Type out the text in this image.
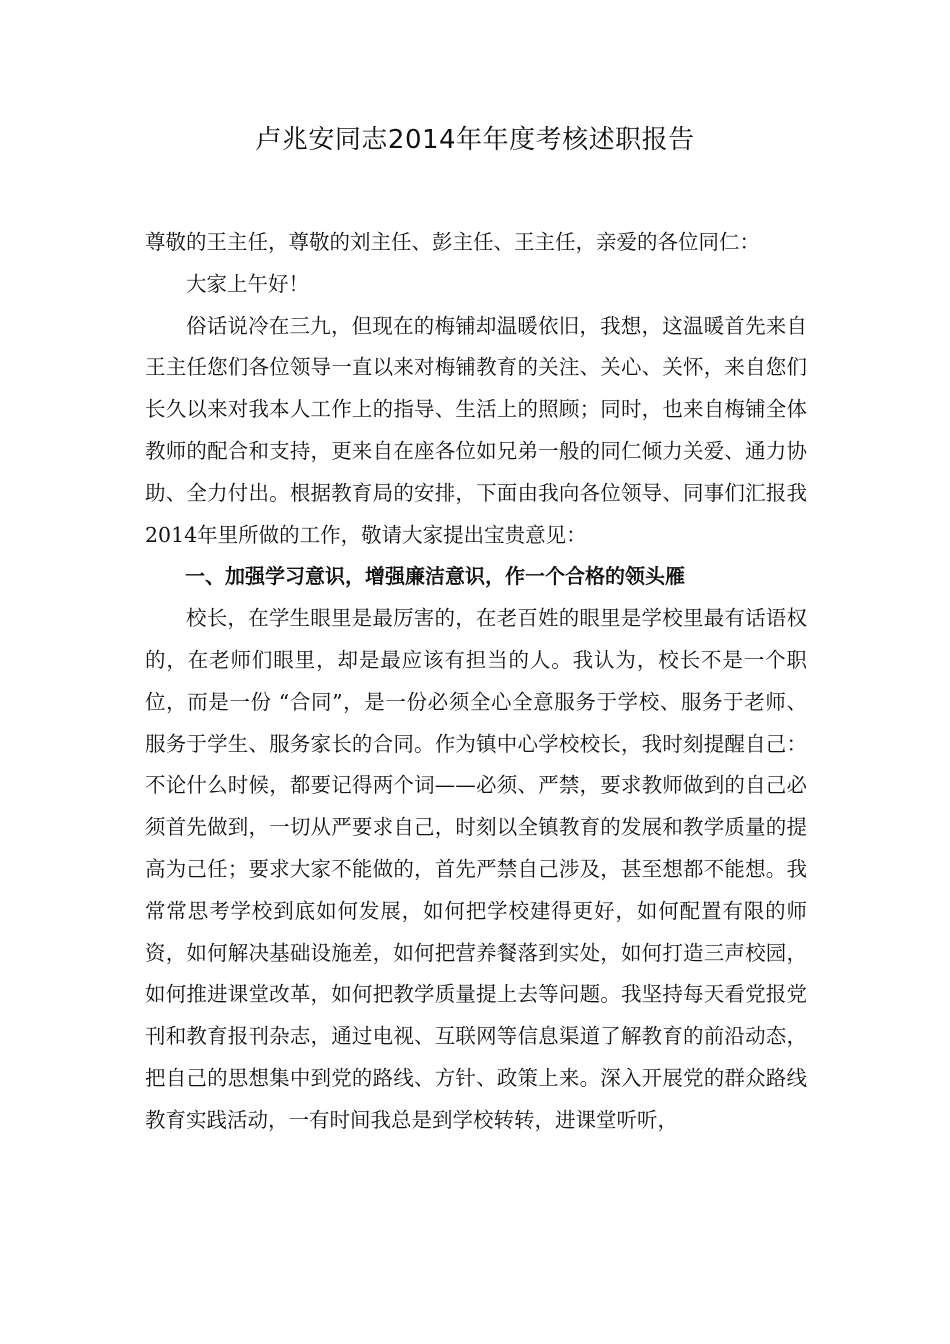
卢兆安同志2014年年度考核述职报告

尊敬的王主任，尊敬的刘主任、彭主任、王主任，亲爱的各位同仁：

大家上午好！

俗话说冷在三九，但现在的梅铺却温暖依旧，我想，这温暖首先来自王主任您们各位领导一直以来对梅铺教育的关注、关心、关怀，来自您们长久以来对我本人工作上的指导、生活上的照顾；同时，也来自梅铺全体教师的配合和支持，更来自在座各位如兄弟一般的同仁倾力关爱、通力协助、全力付出。根据教育局的安排，下面由我向各位领导、同事们汇报我2014年里所做的工作，敬请大家提出宝贵意见：

一、加强学习意识，增强廉洁意识，作一个合格的领头雁

校长，在学生眼里是最厉害的，在老百姓的眼里是学校里最有话语权的，在老师们眼里，却是最应该有担当的人。我认为，校长不是一个职位，而是一份 “合同”，是一份必须全心全意服务于学校、服务于老师、服务于学生、服务家长的合同。作为镇中心学校校长，我时刻提醒自己：不论什么时候，都要记得两个词——必须、严禁，要求教师做到的自己必须首先做到，一切从严要求自己，时刻以全镇教育的发展和教学质量的提高为己任；要求大家不能做的，首先严禁自己涉及，甚至想都不能想。我常常思考学校到底如何发展，如何把学校建得更好，如何配置有限的师资，如何解决基础设施差，如何把营养餐落到实处，如何打造三声校园，如何推进课堂改革，如何把教学质量提上去等问题。我坚持每天看党报党刊和教育报刊杂志，通过电视、互联网等信息渠道了解教育的前沿动态，把自己的思想集中到党的路线、方针、政策上来。深入开展党的群众路线教育实践活动，一有时间我总是到学校转转，进课堂听听，
